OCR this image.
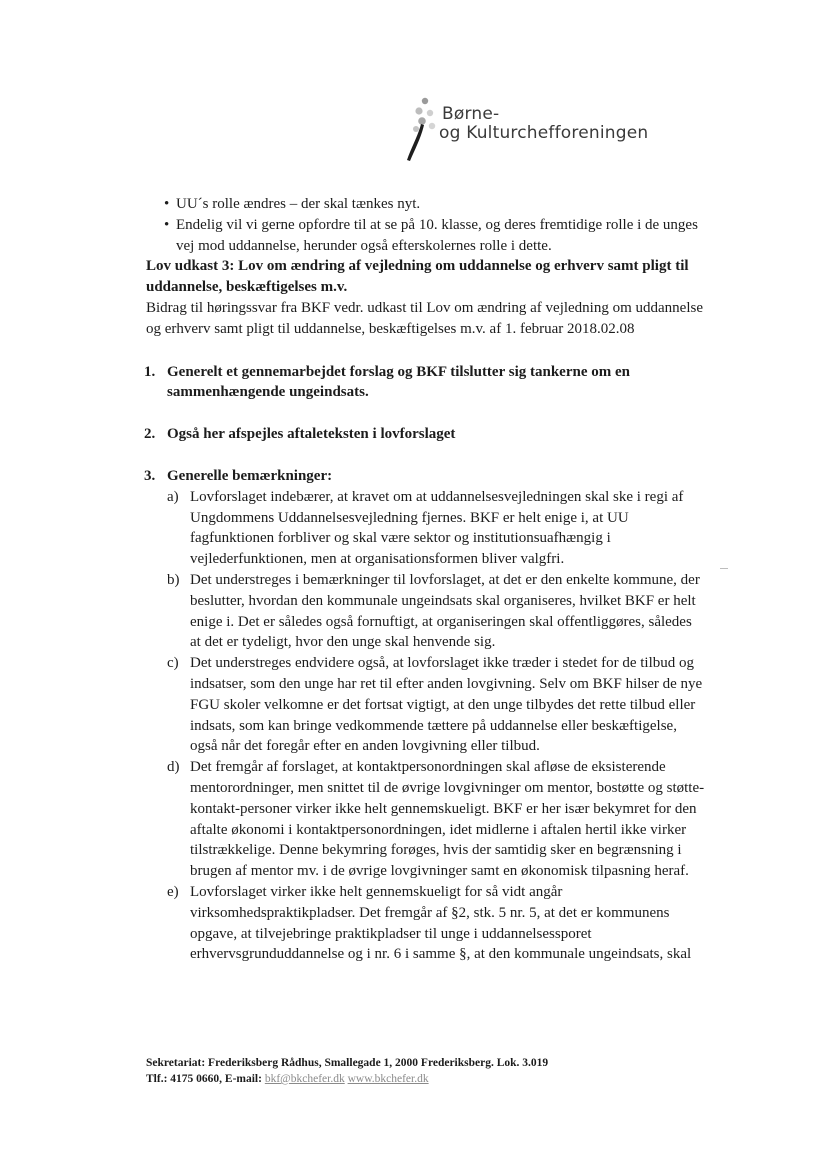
Børne-
og Kulturchefforeningen
• UU´s rolle ændres – der skal tænkes nyt.
• Endelig vil vi gerne opfordre til at se på 10. klasse, og deres fremtidige rolle i de unges vej mod uddannelse, herunder også efterskolernes rolle i dette.

Lov udkast 3: Lov om ændring af vejledning om uddannelse og erhverv samt pligt til uddannelse, beskæftigelses m.v.

Bidrag til høringssvar fra BKF vedr. udkast til Lov om ændring af vejledning om uddannelse og erhverv samt pligt til uddannelse, beskæftigelses m.v. af 1. februar 2018.02.08

1. Generelt et gennemarbejdet forslag og BKF tilslutter sig tankerne om en sammenhængende ungeindsats.
2. Også her afspejles aftaleteksten i lovforslaget
3. Generelle bemærkninger:
a) Lovforslaget indebærer, at kravet om at uddannelsesvejledningen skal ske i regi af Ungdommens Uddannelsesvejledning fjernes. BKF er helt enige i, at UU fagfunktionen forbliver og skal være sektor og institutionsuafhængig i vejlederfunktionen, men at organisationsformen bliver valgfri.
b) Det understreges i bemærkninger til lovforslaget, at det er den enkelte kommune, der beslutter, hvordan den kommunale ungeindsats skal organiseres, hvilket BKF er helt enige i. Det er således også fornuftigt, at organiseringen skal offentliggøres, således at det er tydeligt, hvor den unge skal henvende sig.
c) Det understreges endvidere også, at lovforslaget ikke træder i stedet for de tilbud og indsatser, som den unge har ret til efter anden lovgivning. Selv om BKF hilser de nye FGU skoler velkomne er det fortsat vigtigt, at den unge tilbydes det rette tilbud eller indsats, som kan bringe vedkommende tættere på uddannelse eller beskæftigelse, også når det foregår efter en anden lovgivning eller tilbud.
d) Det fremgår af forslaget, at kontaktpersonordningen skal afløse de eksisterende mentorordninger, men snittet til de øvrige lovgivninger om mentor, bostøtte og støtte-kontakt-personer virker ikke helt gennemskueligt. BKF er her især bekymret for den aftalte økonomi i kontaktpersonordningen, idet midlerne i aftalen hertil ikke virker tilstrækkelige. Denne bekymring forøges, hvis der samtidig sker en begrænsning i brugen af mentor mv. i de øvrige lovgivninger samt en økonomisk tilpasning heraf.
e) Lovforslaget virker ikke helt gennemskueligt for så vidt angår virksomhedspraktikpladser. Det fremgår af §2, stk. 5 nr. 5, at det er kommunens opgave, at tilvejebringe praktikpladser til unge i uddannelsessporet erhvervsgrunduddannelse og i nr. 6 i samme §, at den kommunale ungeindsats, skal
Sekretariat: Frederiksberg Rådhus, Smallegade 1, 2000 Frederiksberg. Lok. 3.019
Tlf.: 4175 0660, E-mail: bkf@bkchefer.dk www.bkchefer.dk
